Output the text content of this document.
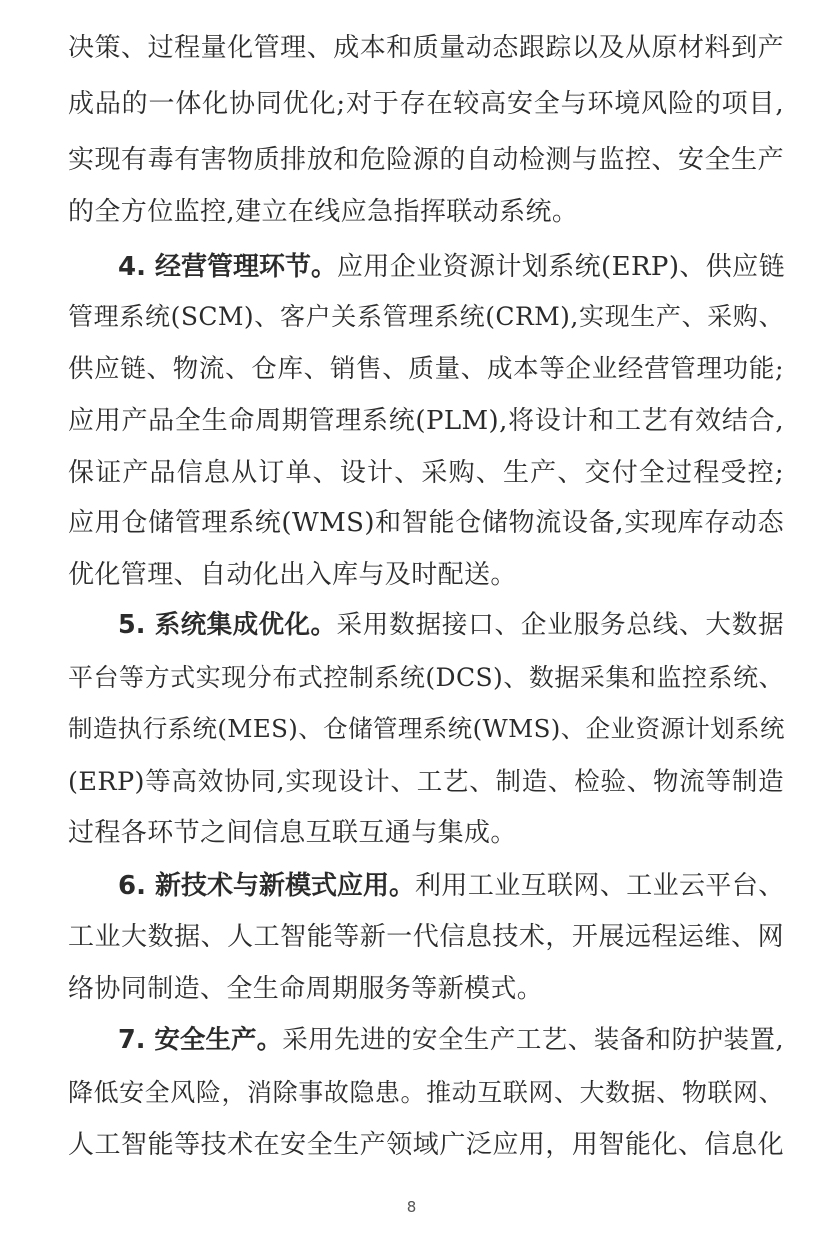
决策、过程量化管理、成本和质量动态跟踪以及从原材料到产
成品的一体化协同优化;对于存在较高安全与环境风险的项目,
实现有毒有害物质排放和危险源的自动检测与监控、安全生产
的全方位监控,建立在线应急指挥联动系统。
4. 经营管理环节。应用企业资源计划系统(ERP)、供应链
管理系统(SCM)、客户关系管理系统(CRM),实现生产、采购、
供应链、物流、仓库、销售、质量、成本等企业经营管理功能;
应用产品全生命周期管理系统(PLM),将设计和工艺有效结合,
保证产品信息从订单、设计、采购、生产、交付全过程受控;
应用仓储管理系统(WMS)和智能仓储物流设备,实现库存动态
优化管理、自动化出入库与及时配送。
5. 系统集成优化。采用数据接口、企业服务总线、大数据
平台等方式实现分布式控制系统(DCS)、数据采集和监控系统、
制造执行系统(MES)、仓储管理系统(WMS)、企业资源计划系统
(ERP)等高效协同,实现设计、工艺、制造、检验、物流等制造
过程各环节之间信息互联互通与集成。
6. 新技术与新模式应用。利用工业互联网、工业云平台、
工业大数据、人工智能等新一代信息技术，开展远程运维、网
络协同制造、全生命周期服务等新模式。
7. 安全生产。采用先进的安全生产工艺、装备和防护装置,
降低安全风险，消除事故隐患。推动互联网、大数据、物联网、
人工智能等技术在安全生产领域广泛应用，用智能化、信息化
8
